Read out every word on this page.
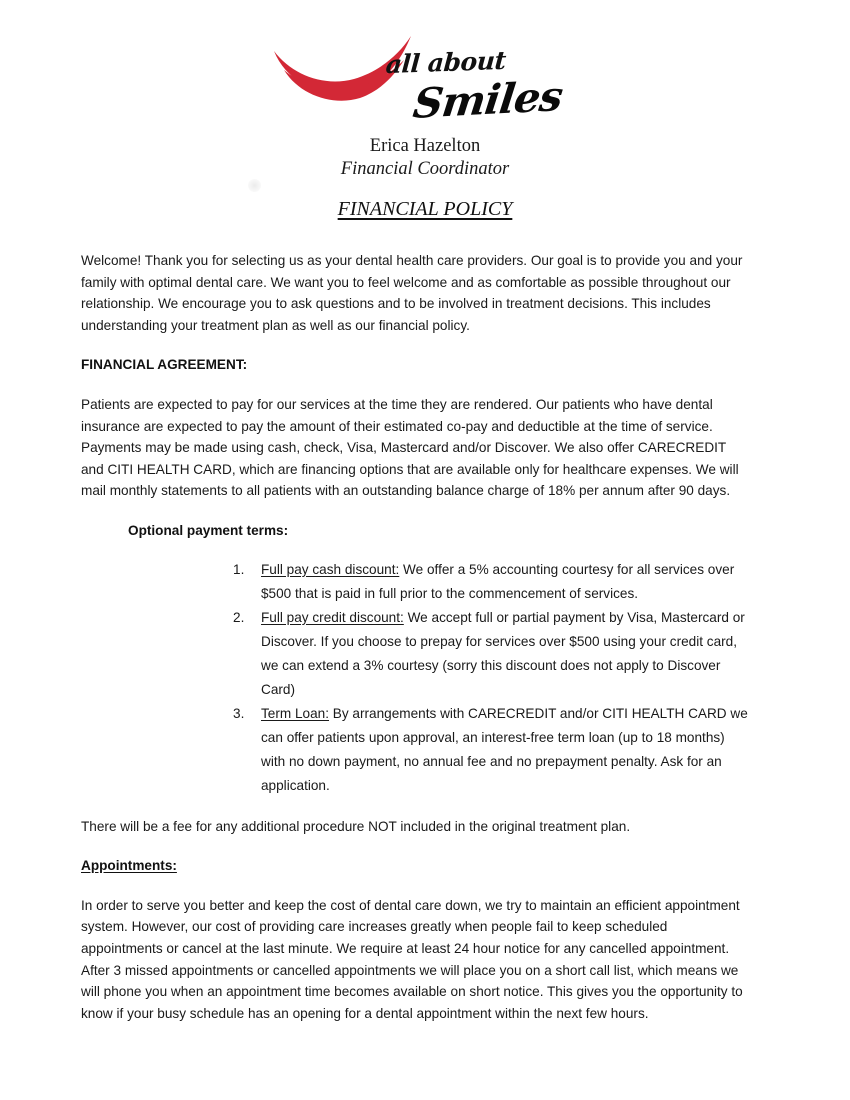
all about
Smiles
Erica Hazelton
Financial Coordinator
FINANCIAL POLICY

Welcome! Thank you for selecting us as your dental health care providers. Our goal is to provide you and your family with optimal dental care. We want you to feel welcome and as comfortable as possible throughout our relationship. We encourage you to ask questions and to be involved in treatment decisions. This includes understanding your treatment plan as well as our financial policy.

FINANCIAL AGREEMENT:

Patients are expected to pay for our services at the time they are rendered. Our patients who have dental insurance are expected to pay the amount of their estimated co-pay and deductible at the time of service. Payments may be made using cash, check, Visa, Mastercard and/or Discover. We also offer CARECREDIT and CITI HEALTH CARD, which are financing options that are available only for healthcare expenses. We will mail monthly statements to all patients with an outstanding balance charge of 18% per annum after 90 days.

Optional payment terms:
Full pay cash discount: We offer a 5% accounting courtesy for all services over $500 that is paid in full prior to the commencement of services.
Full pay credit discount: We accept full or partial payment by Visa, Mastercard or Discover. If you choose to prepay for services over $500 using your credit card, we can extend a 3% courtesy (sorry this discount does not apply to Discover Card)
Term Loan: By arrangements with CARECREDIT and/or CITI HEALTH CARD we can offer patients upon approval, an interest-free term loan (up to 18 months) with no down payment, no annual fee and no prepayment penalty. Ask for an application.

There will be a fee for any additional procedure NOT included in the original treatment plan.

Appointments:

In order to serve you better and keep the cost of dental care down, we try to maintain an efficient appointment system. However, our cost of providing care increases greatly when people fail to keep scheduled appointments or cancel at the last minute. We require at least 24 hour notice for any cancelled appointment. After 3 missed appointments or cancelled appointments we will place you on a short call list, which means we will phone you when an appointment time becomes available on short notice. This gives you the opportunity to know if your busy schedule has an opening for a dental appointment within the next few hours.
